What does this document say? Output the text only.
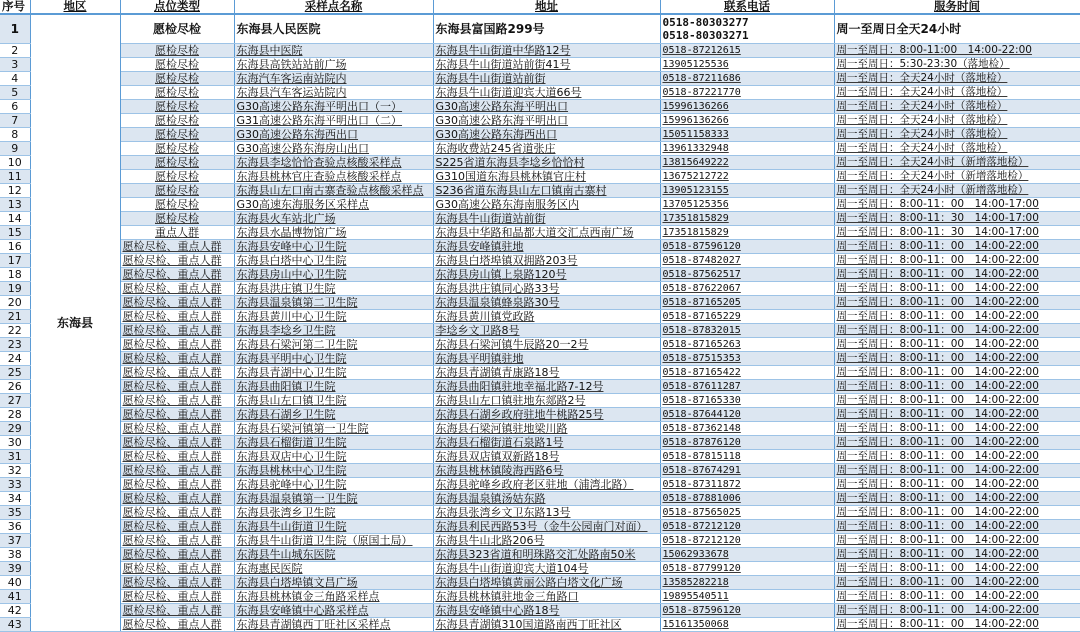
序号	地区	点位类型	采样点名称	地址	联系电话	服务时间
1	东海县	愿检尽检	东海县人民医院	东海县富国路299号	0518-80303277
0518-80303271	周一至周日全天24小时
2		愿检尽检	东海县中医院	东海县牛山街道中华路12号	0518-87212615	周一至周日：8:00-11:00　14:00-22:00
3		愿检尽检	东海县高铁站站前广场	东海县牛山街道站前街41号	13905125536	周一至周日：5:30-23:30（落地检）
4		愿检尽检	东海汽车客运南站院内	东海县牛山街道站前街	0518-87211686	周一至周日：全天24小时（落地检）
5		愿检尽检	东海县汽车客运站院内	东海县牛山街道迎宾大道66号	0518-87221770	周一至周日：全天24小时（落地检）
6		愿检尽检	G30高速公路东海平明出口（一）	G30高速公路东海平明出口	15996136266	周一至周日：全天24小时（落地检）
7		愿检尽检	G31高速公路东海平明出口（二）	G30高速公路东海平明出口	15996136266	周一至周日：全天24小时（落地检）
8		愿检尽检	G30高速公路东海西出口	G30高速公路东海西出口	15051158333	周一至周日：全天24小时（落地检）
9		愿检尽检	G30高速公路东海房山出口	东海收费站245省道张庄	13961332948	周一至周日：全天24小时（落地检）
10		愿检尽检	东海县李埝恰恰查验点核酸采样点	S225省道东海县李埝乡恰恰村	13815649222	周一至周日：全天24小时（新增落地检）
11		愿检尽检	东海县桃林官庄查验点核酸采样点	G310国道东海县桃林镇官庄村	13675212722	周一至周日：全天24小时（新增落地检）
12		愿检尽检	东海县山左口南古寨查验点核酸采样点	S236省道东海县山左口镇南古寨村	13905123155	周一至周日：全天24小时（新增落地检）
13		愿检尽检	G30高速东海服务区采样点	G30高速公路东海南服务区内	13705125356	周一至周日：8:00-11：00　14:00-17:00
14		愿检尽检	东海县火车站北广场	东海县牛山街道站前街	17351815829	周一至周日：8:00-11：30　14:00-17:00
15		重点人群	东海县水晶博物馆广场	东海县中华路和晶都大道交汇点西南广场	17351815829	周一至周日：8:00-11：30　14:00-17:00
16		愿检尽检、重点人群	东海县安峰中心卫生院	东海县安峰镇驻地	0518-87596120	周一至周日：8:00-11：00　14:00-22:00
17		愿检尽检、重点人群	东海县白塔中心卫生院	东海县白塔埠镇双拥路203号	0518-87482027	周一至周日：8:00-11：00　14:00-22:00
18		愿检尽检、重点人群	东海县房山中心卫生院	东海县房山镇上泉路120号	0518-87562517	周一至周日：8:00-11：00　14:00-22:00
19		愿检尽检、重点人群	东海县洪庄镇卫生院	东海县洪庄镇同心路33号	0518-87622067	周一至周日：8:00-11：00　14:00-22:00
20		愿检尽检、重点人群	东海县温泉镇第二卫生院	东海县温泉镇蜂泉路30号	0518-87165205	周一至周日：8:00-11：00　14:00-22:00
21		愿检尽检、重点人群	东海县黄川中心卫生院	东海县黄川镇党政路	0518-87165229	周一至周日：8:00-11：00　14:00-22:00
22		愿检尽检、重点人群	东海县李埝乡卫生院	李埝乡文卫路8号	0518-87832015	周一至周日：8:00-11：00　14:00-22:00
23		愿检尽检、重点人群	东海县石梁河第二卫生院	东海县石梁河镇牛辰路20一2号	0518-87165263	周一至周日：8:00-11：00　14:00-22:00
24		愿检尽检、重点人群	东海县平明中心卫生院	东海县平明镇驻地	0518-87515353	周一至周日：8:00-11：00　14:00-22:00
25		愿检尽检、重点人群	东海县青湖中心卫生院	东海县青湖镇青康路18号	0518-87165422	周一至周日：8:00-11：00　14:00-22:00
26		愿检尽检、重点人群	东海县曲阳镇卫生院	东海县曲阳镇驻地幸福北路7-12号	0518-87611287	周一至周日：8:00-11：00　14:00-22:00
27		愿检尽检、重点人群	东海县山左口镇卫生院	东海县山左口镇驻地东郯路2号	0518-87165330	周一至周日：8:00-11：00　14:00-22:00
28		愿检尽检、重点人群	东海县石湖乡卫生院	东海县石湖乡政府驻地牛桃路25号	0518-87644120	周一至周日：8:00-11：00　14:00-22:00
29		愿检尽检、重点人群	东海县石梁河镇第一卫生院	东海县石梁河镇驻地梁川路	0518-87362148	周一至周日：8:00-11：00　14:00-22:00
30		愿检尽检、重点人群	东海县石榴街道卫生院	东海县石榴街道石泉路1号	0518-87876120	周一至周日：8:00-11：00　14:00-22:00
31		愿检尽检、重点人群	东海县双店中心卫生院	东海县双店镇双新路18号	0518-87815118	周一至周日：8:00-11：00　14:00-22:00
32		愿检尽检、重点人群	东海县桃林中心卫生院	东海县桃林镇陵海西路6号	0518-87674291	周一至周日：8:00-11：00　14:00-22:00
33		愿检尽检、重点人群	东海县驼峰中心卫生院	东海县驼峰乡政府老区驻地（浦湾北路）	0518-87311872	周一至周日：8:00-11：00　14:00-22:00
34		愿检尽检、重点人群	东海县温泉镇第一卫生院	东海县温泉镇汤姑东路	0518-87881006	周一至周日：8:00-11：00　14:00-22:00
35		愿检尽检、重点人群	东海县张湾乡卫生院	东海县张湾乡文卫东路13号	0518-87565025	周一至周日：8:00-11：00　14:00-22:00
36		愿检尽检、重点人群	东海县牛山街道卫生院	东海县利民西路53号（金牛公园南门对面）	0518-87212120	周一至周日：8:00-11：00　14:00-22:00
37		愿检尽检、重点人群	东海县牛山街道卫生院（原国土局）	东海县牛山北路206号	0518-87212120	周一至周日：8:00-11：00　14:00-22:00
38		愿检尽检、重点人群	东海县牛山城东医院	东海县323省道和明珠路交汇处路南50米	15062933678	周一至周日：8:00-11：00　14:00-22:00
39		愿检尽检、重点人群	东海惠民医院	东海县牛山街道迎宾大道104号	0518-87799120	周一至周日：8:00-11：00　14:00-22:00
40		愿检尽检、重点人群	东海县白塔埠镇文昌广场	东海县白塔埠镇黄丽公路白塔文化广场	13585282218	周一至周日：8:00-11：00　14:00-22:00
41		愿检尽检、重点人群	东海县桃林镇金三角路采样点	东海县桃林镇驻地金三角路口	19895540511	周一至周日：8:00-11：00　14:00-22:00
42		愿检尽检、重点人群	东海县安峰镇中心路采样点	东海县安峰镇中心路18号	0518-87596120	周一至周日：8:00-11：00　14:00-22:00
43		愿检尽检、重点人群	东海县青湖镇西丁旺社区采样点	东海县青湖镇310国道路南西丁旺社区	15161350068	周一至周日：8:00-11：00　14:00-22:00
